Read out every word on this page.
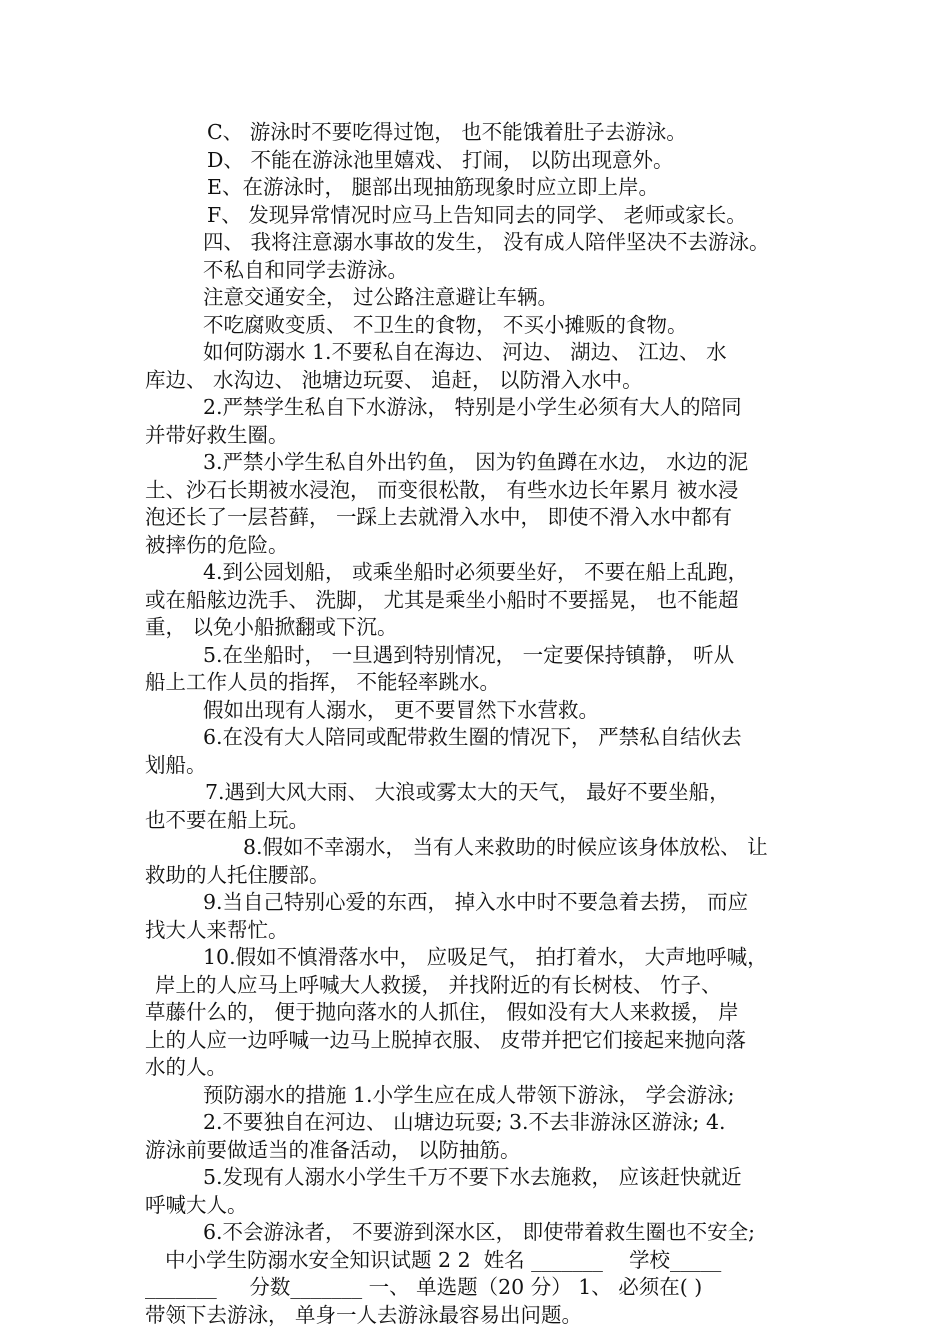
C、 游泳时不要吃得过饱， 也不能饿着肚子去游泳。
D、 不能在游泳池里嬉戏、 打闹， 以防出现意外。
E、在游泳时， 腿部出现抽筋现象时应立即上岸。
F、 发现异常情况时应马上告知同去的同学、 老师或家长。
四、 我将注意溺水事故的发生， 没有成人陪伴坚决不去游泳。
不私自和同学去游泳。
注意交通安全， 过公路注意避让车辆。
不吃腐败变质、 不卫生的食物， 不买小摊贩的食物。
如何防溺水 1.不要私自在海边、 河边、 湖边、 江边、 水
库边、 水沟边、 池塘边玩耍、 追赶， 以防滑入水中。
2.严禁学生私自下水游泳， 特别是小学生必须有大人的陪同
并带好救生圈。
3.严禁小学生私自外出钓鱼， 因为钓鱼蹲在水边， 水边的泥
土、沙石长期被水浸泡， 而变很松散， 有些水边长年累月 被水浸
泡还长了一层苔藓， 一踩上去就滑入水中， 即使不滑入水中都有
被摔伤的危险。
4.到公园划船， 或乘坐船时必须要坐好， 不要在船上乱跑，
或在船舷边洗手、 洗脚， 尤其是乘坐小船时不要摇晃， 也不能超
重， 以免小船掀翻或下沉。
5.在坐船时， 一旦遇到特别情况， 一定要保持镇静， 听从
船上工作人员的指挥， 不能轻率跳水。
假如出现有人溺水， 更不要冒然下水营救。
6.在没有大人陪同或配带救生圈的情况下， 严禁私自结伙去
划船。
7.遇到大风大雨、 大浪或雾太大的天气， 最好不要坐船，
也不要在船上玩。
8.假如不幸溺水， 当有人来救助的时候应该身体放松、 让
救助的人托住腰部。
9.当自己特别心爱的东西， 掉入水中时不要急着去捞， 而应
找大人来帮忙。
10.假如不慎滑落水中， 应吸足气， 拍打着水， 大声地呼喊，
岸上的人应马上呼喊大人救援， 并找附近的有长树枝、 竹子、
草藤什么的， 便于抛向落水的人抓住， 假如没有大人来救援， 岸
上的人应一边呼喊一边马上脱掉衣服、 皮带并把它们接起来抛向落
水的人。
预防溺水的措施 1.小学生应在成人带领下游泳， 学会游泳;
2.不要独自在河边、 山塘边玩耍; 3.不去非游泳区游泳; 4.
游泳前要做适当的准备活动， 以防抽筋。
5.发现有人溺水小学生千万不要下水去施救， 应该赶快就近
呼喊大人。
6.不会游泳者， 不要游到深水区， 即使带着救生圈也不安全;
中小学生防溺水安全知识试题 2 2  姓名 _______    学校_____
_______     分数_______ 一、 单选题（20 分） 1、 必须在( )
带领下去游泳， 单身一人去游泳最容易出问题。
